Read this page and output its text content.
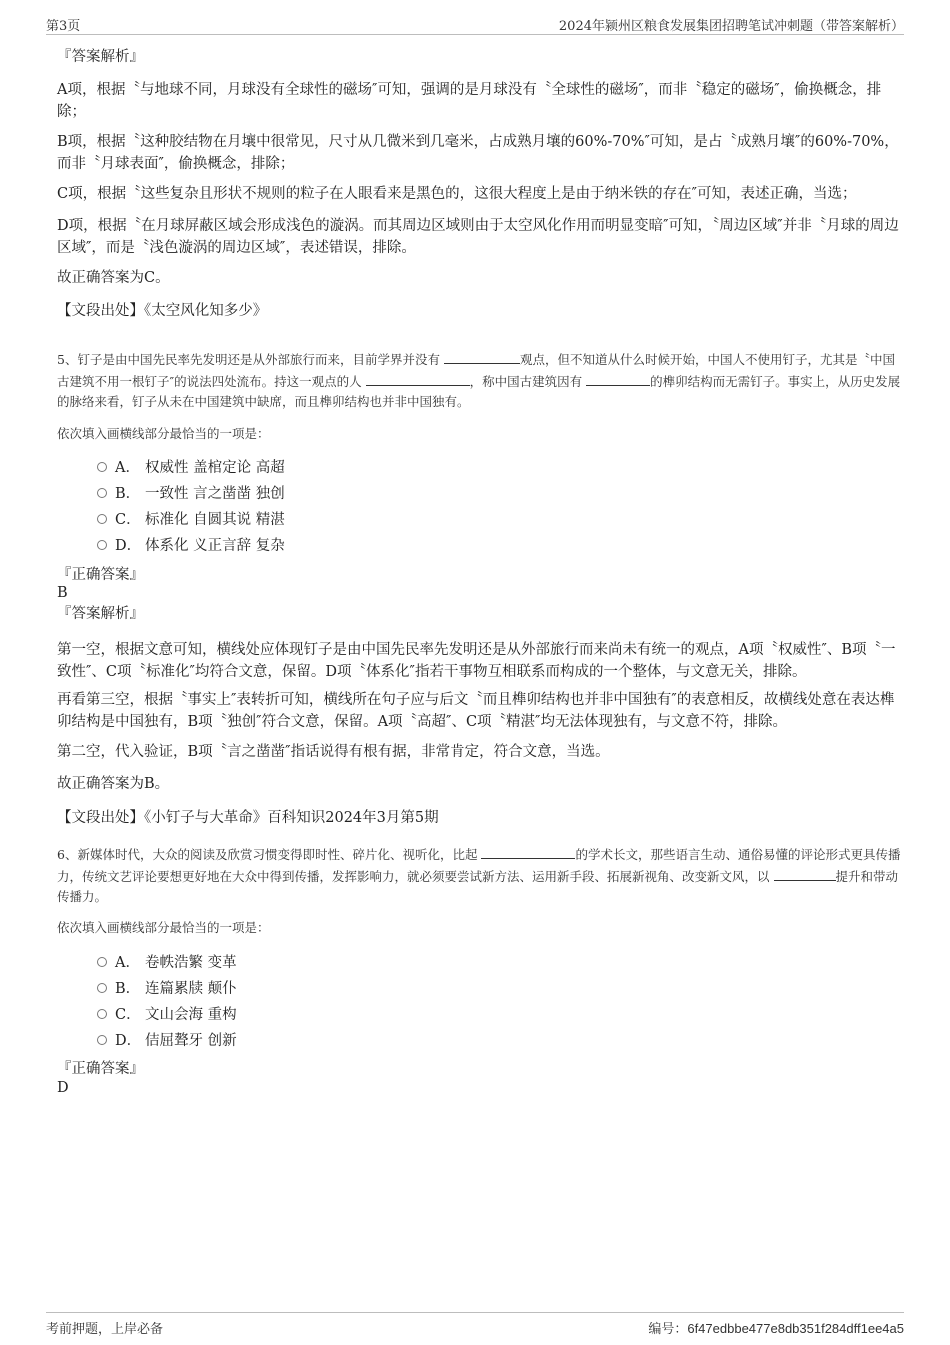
第3页	2024年颍州区粮食发展集团招聘笔试冲刺题（带答案解析）
『答案解析』
A项，根据〝与地球不同，月球没有全球性的磁场″可知，强调的是月球没有〝全球性的磁场″，而非〝稳定的磁场″，偷换概念，排除；
B项，根据〝这种胶结物在月壤中很常见，尺寸从几微米到几毫米，占成熟月壤的60%-70%″可知，是占〝成熟月壤″的60%-70%，而非〝月球表面″，偷换概念，排除；
C项，根据〝这些复杂且形状不规则的粒子在人眼看来是黑色的，这很大程度上是由于纳米铁的存在″可知，表述正确，当选；
D项，根据〝在月球屏蔽区域会形成浅色的漩涡。而其周边区域则由于太空风化作用而明显变暗″可知，〝周边区域″并非〝月球的周边区域″，而是〝浅色漩涡的周边区域″，表述错误，排除。
故正确答案为C。
【文段出处】《太空风化知多少》
5、钉子是由中国先民率先发明还是从外部旅行而来，目前学界并没有	观点，但不知道从什么时候开始，中国人不使用钉子，尤其是〝中国古建筑不用一根钉子″的说法四处流布。持这一观点的人	，称中国古建筑因有	的榫卯结构而无需钉子。事实上，从历史发展的脉络来看，钉子从未在中国建筑中缺席，而且榫卯结构也并非中国独有。
依次填入画横线部分最恰当的一项是：
A． 权威性 盖棺定论 高超
B． 一致性 言之凿凿 独创
C． 标准化 自圆其说 精湛
D． 体系化 义正言辞 复杂
『正确答案』
B
『答案解析』
第一空，根据文意可知，横线处应体现钉子是由中国先民率先发明还是从外部旅行而来尚未有统一的观点，A项〝权威性″、B项〝一致性″、C项〝标准化″均符合文意，保留。D项〝体系化″指若干事物互相联系而构成的一个整体，与文意无关，排除。
再看第三空，根据〝事实上″表转折可知，横线所在句子应与后文〝而且榫卯结构也并非中国独有″的表意相反，故横线处意在表达榫卯结构是中国独有，B项〝独创″符合文意，保留。A项〝高超″、C项〝精湛″均无法体现独有，与文意不符，排除。
第二空，代入验证，B项〝言之凿凿″指话说得有根有据，非常肯定，符合文意，当选。
故正确答案为B。
【文段出处】《小钉子与大革命》百科知识2024年3月第5期
6、新媒体时代，大众的阅读及欣赏习惯变得即时性、碎片化、视听化，比起	的学术长文，那些语言生动、通俗易懂的评论形式更具传播力，传统文艺评论要想更好地在大众中得到传播，发挥影响力，就必须要尝试新方法、运用新手段、拓展新视角、改变新文风，以	提升和带动传播力。
依次填入画横线部分最恰当的一项是：
A． 卷帙浩繁 变革
B． 连篇累牍 颠仆
C． 文山会海 重构
D． 佶屈聱牙 创新
『正确答案』
D
考前押题，上岸必备	编号：6f47edbbe477e8db351f284dff1ee4a5
